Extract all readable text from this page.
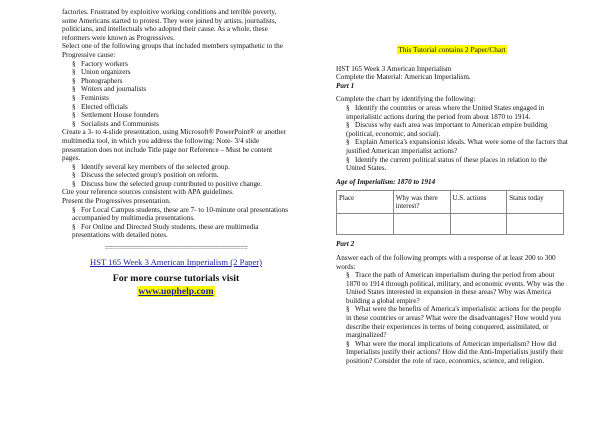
factories. Frustrated by exploitive working conditions and terrible poverty, some Americans started to protest. They were joined by artists, journalists, politicians, and intellectuals who adopted their cause. As a whole, these reformers were known as Progressives.

Select one of the following groups that included members sympathetic to the Progressive cause:

§ Factory workers
§ Union organizers
§ Photographers
§ Writers and journalists
§ Feminists
§ Elected officials
§ Settlement House founders
§ Socialists and Communists

Create a 3- to 4-slide presentation, using Microsoft® PowerPoint® or another multimedia tool, in which you address the following: Note- 3/4 slide presentation does not include Title page nor Reference – Must be content pages.

§ Identify several key members of the selected group.
§ Discuss the selected group's position on reform.
§ Discuss how the selected group contributed to positive change.

Cite your reference sources consistent with APA guidelines.

Present the Progressives presentation.

§ For Local Campus students, these are 7- to 10-minute oral presentations accompanied by multimedia presentations.
§ For Online and Directed Study students, these are multimedia presentations with detailed notes.
=======================================
HST 165 Week 3 American Imperialism (2 Paper)
For more course tutorials visit
www.uophelp.com
This Tutorial contains 2 Paper/Chart

HST 165 Week 3 American Imperialism

Complete the Material: American Imperialism.

Part 1

Complete the chart by identifying the following:

§ Identify the countries or areas where the United States engaged in imperialistic actions during the period from about 1870 to 1914.
§ Discuss why each area was important to American empire building (political, economic, and social).
§ Explain America's expansionist ideals. What were some of the factors that justified American imperialist actions?
§ Identify the current political status of these places in relation to the United States.

Age of Imperialism: 1870 to 1914

Place	Why was there interest?	U.S. actions	Status today

Part 2

Answer each of the following prompts with a response of at least 200 to 300 words:

§ Trace the path of American imperialism during the period from about 1870 to 1914 through political, military, and economic events. Why was the United States interested in expansion in these areas? Why was America building a global empire?
§ What were the benefits of America's imperialistic actions for the people in these countries or areas? What were the disadvantages? How would you describe their experiences in terms of being conquered, assimilated, or marginalized?
§ What were the moral implications of American imperialism? How did Imperialists justify their actions? How did the Anti-Imperialists justify their position? Consider the role of race, economics, science, and religion.
